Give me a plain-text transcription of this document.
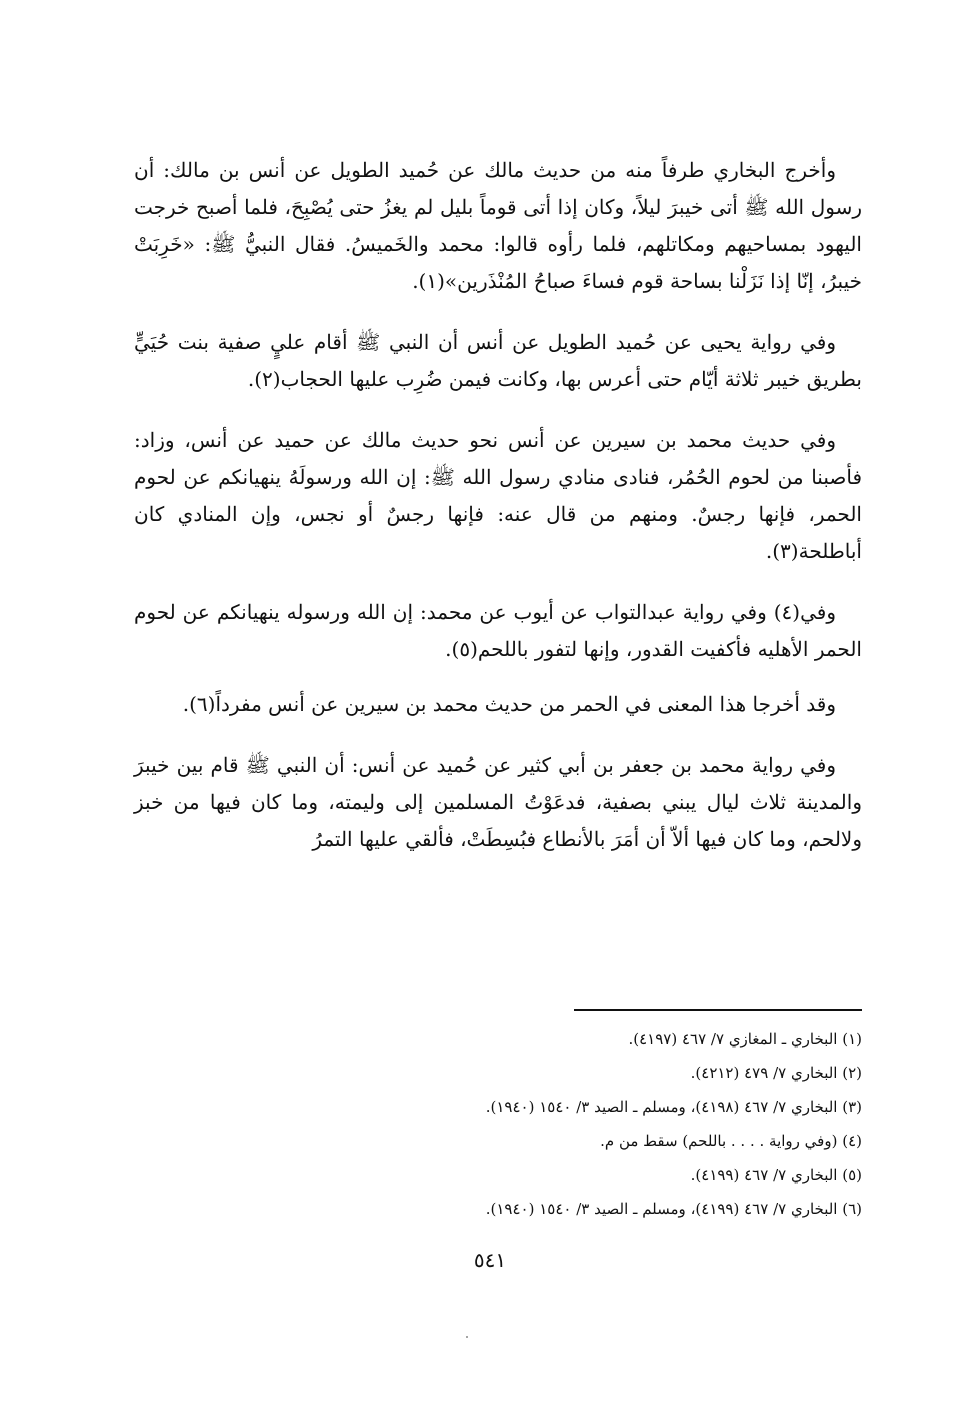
وأخرج البخاري طرفاً منه من حديث مالك عن حُميد الطويل عن أنس بن مالك: أن رسول الله ﷺ أتى خيبرَ ليلاً، وكان إذا أتى قوماً بليل لم يغزُ حتى يُصْبِحَ، فلما أصبح خرجت اليهود بمساحيهم ومكاتلهم، فلما رأوه قالوا: محمد والخَميسُ. فقال النبيُّ ﷺ: «خَرِبَتْ خيبرُ، إنّا إذا نَزَلْنا بساحة قوم فساءَ صباحُ المُنْذَرين»(١).

وفي رواية يحيى عن حُميد الطويل عن أنس أن النبي ﷺ أقام عليٍ صفية بنت حُيَيٍّ بطريق خيبر ثلاثة أيّام حتى أعرس بها، وكانت فيمن ضُرِب عليها الحجاب(٢).

وفي حديث محمد بن سيرين عن أنس نحو حديث مالك عن حميد عن أنس، وزاد: فأصبنا من لحوم الحُمُر، فنادى منادي رسول الله ﷺ: إن الله ورسولَهُ ينهيانكم عن لحوم الحمر، فإنها رجسٌ. ومنهم من قال عنه: فإنها رجسٌ أو نجس، وإن المنادي كان أباطلحة(٣).

وفي(٤) وفي رواية عبدالتواب عن أيوب عن محمد: إن الله ورسوله ينهيانكم عن لحوم الحمر الأهليه فأكفيت القدور، وإنها لتفور باللحم(٥).

وقد أخرجا هذا المعنى في الحمر من حديث محمد بن سيرين عن أنس مفرداً(٦).

وفي رواية محمد بن جعفر بن أبي كثير عن حُميد عن أنس: أن النبي ﷺ قام بين خيبرَ والمدينة ثلاث ليال يبني بصفية، فدعَوْتُ المسلمين إلى وليمته، وما كان فيها من خبز ولالحم، وما كان فيها ألاّ أن أمَرَ بالأنطاع فبُسِطَتْ، فألقي عليها التمرُ

(١) البخاري ـ المغازي ٧/ ٤٦٧ (٤١٩٧).

(٢) البخاري ٧/ ٤٧٩ (٤٢١٢).

(٣) البخاري ٧/ ٤٦٧ (٤١٩٨)، ومسلم ـ الصيد ٣/ ١٥٤٠ (١٩٤٠).

(٤) (وفي رواية . . . . باللحم) سقط من م.

(٥) البخاري ٧/ ٤٦٧ (٤١٩٩).

(٦) البخاري ٧/ ٤٦٧ (٤١٩٩)، ومسلم ـ الصيد ٣/ ١٥٤٠ (١٩٤٠).

٥٤١
